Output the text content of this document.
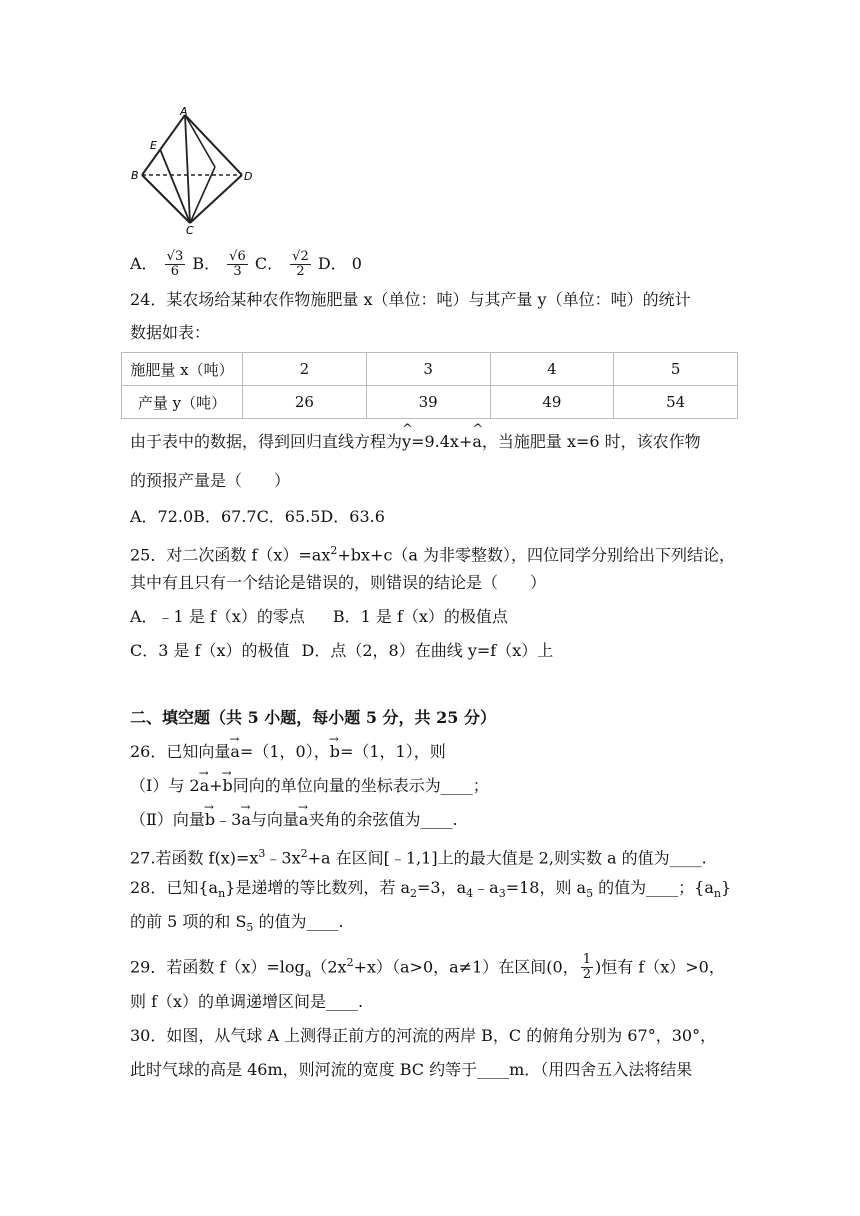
A
E
B	D
C
A． $\frac{√3}{6}$ B． $\frac{√6}{3}$ C． $\frac{√2}{2}$ D． 0
24．某农场给某种农作物施肥量 x（单位：吨）与其产量 y（单位：吨）的统计
数据如表：
施肥量 x（吨）	2	3	4	5
产量 y（吨）	26	39	49	54
由于表中的数据，得到回归直线方程为^ y=9.4x+^ a，当施肥量 x=6 时，该农作物
的预报产量是（　　）
A．72.0B．67.7C．65.5D．63.6
25．对二次函数 $f(x)=ax^2+bx+c(a$ 为非零整数），四位同学分别给出下列结论，
其中有且只有一个结论是错误的，则错误的结论是（　　）
A．﹣1 是 f（x）的零点 B．1 是 f（x）的极值点
C．3 是 f（x）的极值 D．点（2，8）在曲线 y=f（x）上
二、填空题（共 5 小题，每小题 5 分，共 25 分）
26．已知向量→ a=（1，0），→ b=（1，1），则
（Ⅰ）与 2→ a+→ b同向的单位向量的坐标表示为____；
（Ⅱ）向量→ b﹣3→ a与向量→ a夹角的余弦值为____.
27.若函数 $f(x)=x^3﹣3x^2+a$ 在区间[﹣1,1]上的最大值是 2,则实数 a 的值为____.
28．已知$\{a_n\}$是递增的等比数列，若 $a_2=3$，$a_4﹣a_3=18$，则 $a_5$ 的值为____；$\{a_n\}$
的前 5 项的和 $S_5$ 的值为____.
29．若函数 $f(x)=\log_a(2x^2+x)(a>0$，a≠1）在区间(0， $\frac{1}{2}$ )恒有 f（x）>0，
则 f（x）的单调递增区间是____.
30．如图，从气球 A 上测得正前方的河流的两岸 B，C 的俯角分别为 67°，30°，
此时气球的高是 46m，则河流的宽度 BC 约等于____m．（用四舍五入法将结果
